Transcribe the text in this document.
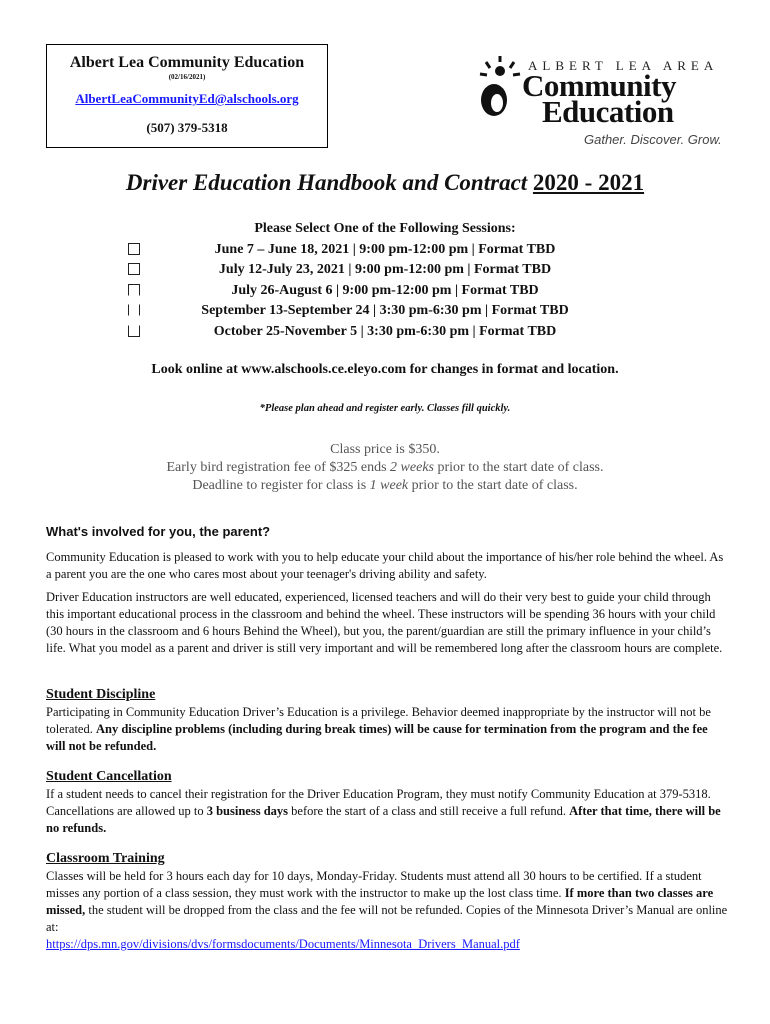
Albert Lea Community Education
(02/16/2021)
AlbertLeaCommunityEd@alschools.org
(507) 379-5318
ALBERT LEA AREA
Community
Education
Gather. Discover. Grow.
Driver Education Handbook and Contract 2020 - 2021
Please Select One of the Following Sessions:
June 7 – June 18, 2021 | 9:00 pm-12:00 pm | Format TBD
July 12-July 23, 2021 | 9:00 pm-12:00 pm | Format TBD
July 26-August 6 | 9:00 pm-12:00 pm | Format TBD
September 13-September 24 | 3:30 pm-6:30 pm | Format TBD
October 25-November 5 | 3:30 pm-6:30 pm | Format TBD
Look online at www.alschools.ce.eleyo.com for changes in format and location.
*Please plan ahead and register early. Classes fill quickly.
Class price is $350.
Early bird registration fee of $325 ends 2 weeks prior to the start date of class.
Deadline to register for class is 1 week prior to the start date of class.
What's involved for you, the parent?

Community Education is pleased to work with you to help educate your child about the importance of his/her role behind the wheel. As a parent you are the one who cares most about your teenager's driving ability and safety.

Driver Education instructors are well educated, experienced, licensed teachers and will do their very best to guide your child through this important educational process in the classroom and behind the wheel. These instructors will be spending 36 hours with your child (30 hours in the classroom and 6 hours Behind the Wheel), but you, the parent/guardian are still the primary influence in your child’s life. What you model as a parent and driver is still very important and will be remembered long after the classroom hours are complete.

Student Discipline

Participating in Community Education Driver’s Education is a privilege. Behavior deemed inappropriate by the instructor will not be tolerated. Any discipline problems (including during break times) will be cause for termination from the program and the fee will not be refunded.

Student Cancellation

If a student needs to cancel their registration for the Driver Education Program, they must notify Community Education at 379-5318. Cancellations are allowed up to 3 business days before the start of a class and still receive a full refund. After that time, there will be no refunds.

Classroom Training

Classes will be held for 3 hours each day for 10 days, Monday-Friday. Students must attend all 30 hours to be certified. If a student misses any portion of a class session, they must work with the instructor to make up the lost class time. If more than two classes are missed, the student will be dropped from the class and the fee will not be refunded. Copies of the Minnesota Driver’s Manual are online at:

https://dps.mn.gov/divisions/dvs/formsdocuments/Documents/Minnesota_Drivers_Manual.pdf
